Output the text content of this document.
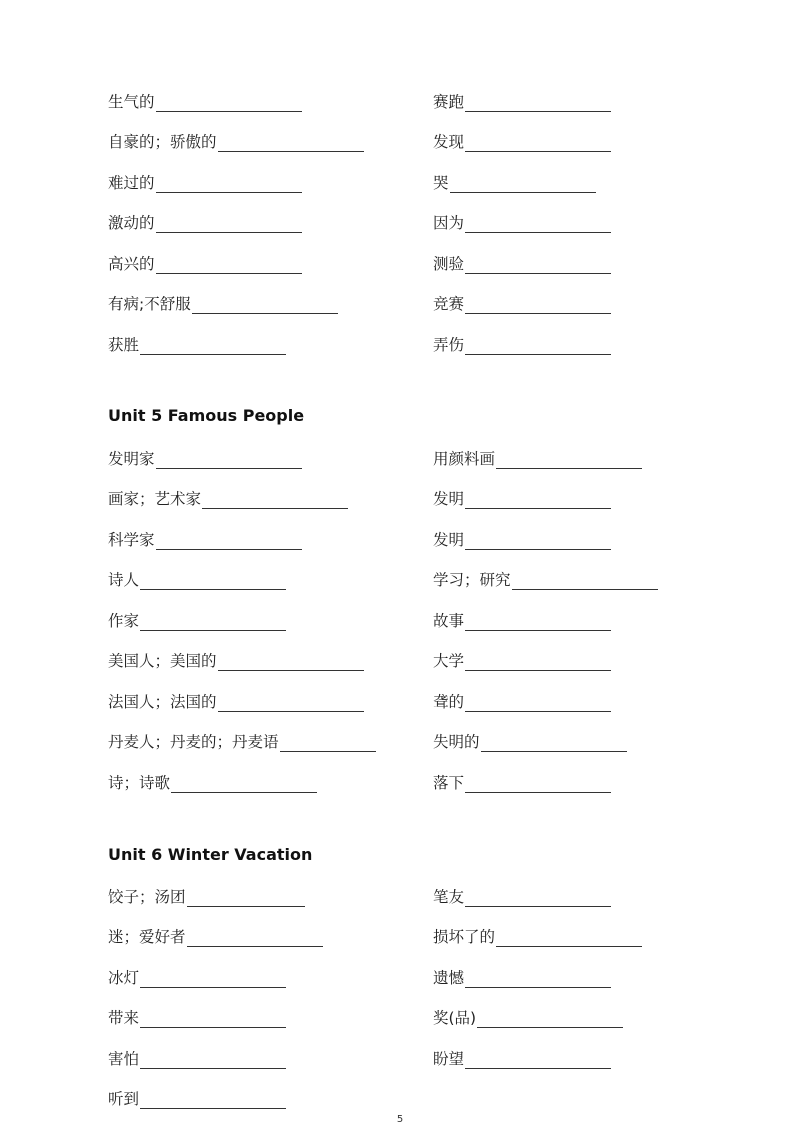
生气的	赛跑
自豪的；骄傲的	发现
难过的	哭
激动的	因为
高兴的	测验
有病;不舒服	竞赛
获胜	弄伤
Unit 5 Famous People
发明家	用颜料画
画家；艺术家	发明
科学家	发明
诗人	学习；研究
作家	故事
美国人；美国的	大学
法国人；法国的	聋的
丹麦人；丹麦的；丹麦语	失明的
诗；诗歌	落下
Unit 6 Winter Vacation
饺子；汤团	笔友
迷；爱好者	损坏了的
冰灯	遗憾
带来	奖(品)
害怕	盼望
听到
5
